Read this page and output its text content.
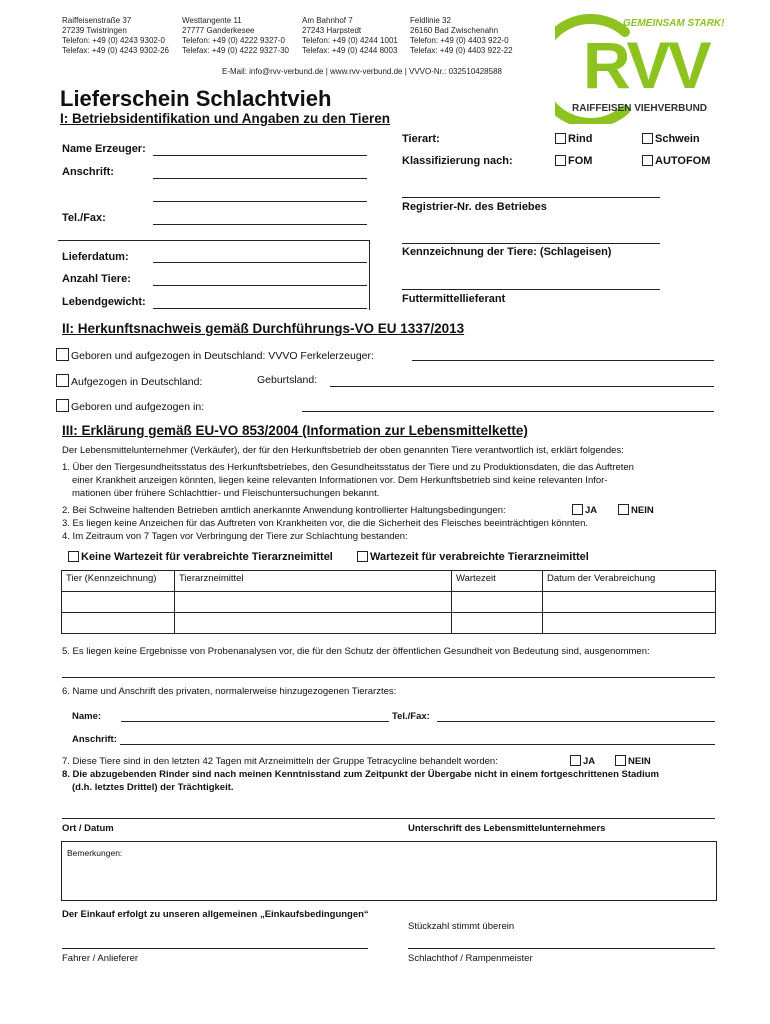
Raiffeisenstraße 37
27239 Twistringen
Telefon: +49 (0) 4243 9302-0
Telefax: +49 (0) 4243 9302-26
Westtangente 11
27777 Ganderkesee
Telefon: +49 (0) 4222 9327-0
Telefax: +49 (0) 4222 9327-30
Am Bahnhof 7
27243 Harpstedt
Telefon: +49 (0) 4244 1001
Telefax: +49 (0) 4244 8003
Feldlinie 32
26160 Bad Zwischenahn
Telefon: +49 (0) 4403 922-0
Telefax: +49 (0) 4403 922-22
E-Mail: info@rvv-verbund.de | www.rvv-verbund.de | VVVO-Nr.: 032510428588
GEMEINSAM STARK!
RVV
RAIFFEISEN VIEHVERBUND
Lieferschein Schlachtvieh
I: Betriebsidentifikation und Angaben zu den Tieren
Name Erzeuger:
Anschrift:
Tel./Fax:
Lieferdatum:
Anzahl Tiere:
Lebendgewicht:
Tierart:	Rind	Schwein
Klassifizierung nach:	FOM	AUTOFOM
Registrier-Nr. des Betriebes
Kennzeichnung der Tiere: (Schlageisen)
Futtermittellieferant
II: Herkunftsnachweis gemäß Durchführungs-VO EU 1337/2013
Geboren und aufgezogen in Deutschland: VVVO Ferkelerzeuger:
Aufgezogen in Deutschland:	Geburtsland:
Geboren und aufgezogen in:
III: Erklärung gemäß EU-VO 853/2004 (Information zur Lebensmittelkette)
Der Lebensmittelunternehmer (Verkäufer), der für den Herkunftsbetrieb der oben genannten Tiere verantwortlich ist, erklärt folgendes:
1. Über den Tiergesundheitsstatus des Herkunftsbetriebes, den Gesundheitsstatus der Tiere und zu Produktionsdaten, die das Auftreten
einer Krankheit anzeigen könnten, liegen keine relevanten Informationen vor. Dem Herkunftsbetrieb sind keine relevanten Infor-
mationen über frühere Schlachttier- und Fleischuntersuchungen bekannt.
2. Bei Schweine haltenden Betrieben amtlich anerkannte Anwendung kontrollierter Haltungsbedingungen:	JA	NEIN
3. Es liegen keine Anzeichen für das Auftreten von Krankheiten vor, die die Sicherheit des Fleisches beeinträchtigen könnten.
4. Im Zeitraum von 7 Tagen vor Verbringung der Tiere zur Schlachtung bestanden:
Keine Wartezeit für verabreichte Tierarzneimittel	Wartezeit für verabreichte Tierarzneimittel
Tier (Kennzeichnung)	Tierarzneimittel	Wartezeit	Datum der Verabreichung

5. Es liegen keine Ergebnisse von Probenanalysen vor, die für den Schutz der öffentlichen Gesundheit von Bedeutung sind, ausgenommen:
6. Name und Anschrift des privaten, normalerweise hinzugezogenen Tierarztes:
Name:	Tel./Fax:
Anschrift:
7. Diese Tiere sind in den letzten 42 Tagen mit Arzneimitteln der Gruppe Tetracycline behandelt worden:	JA	NEIN
8. Die abzugebenden Rinder sind nach meinen Kenntnisstand zum Zeitpunkt der Übergabe nicht in einem fortgeschrittenen Stadium
(d.h. letztes Drittel) der Trächtigkeit.
Ort / Datum	Unterschrift des Lebensmittelunternehmers
Bemerkungen:
Der Einkauf erfolgt zu unseren allgemeinen „Einkaufsbedingungen“
Stückzahl stimmt überein
Fahrer / Anlieferer	Schlachthof / Rampenmeister
